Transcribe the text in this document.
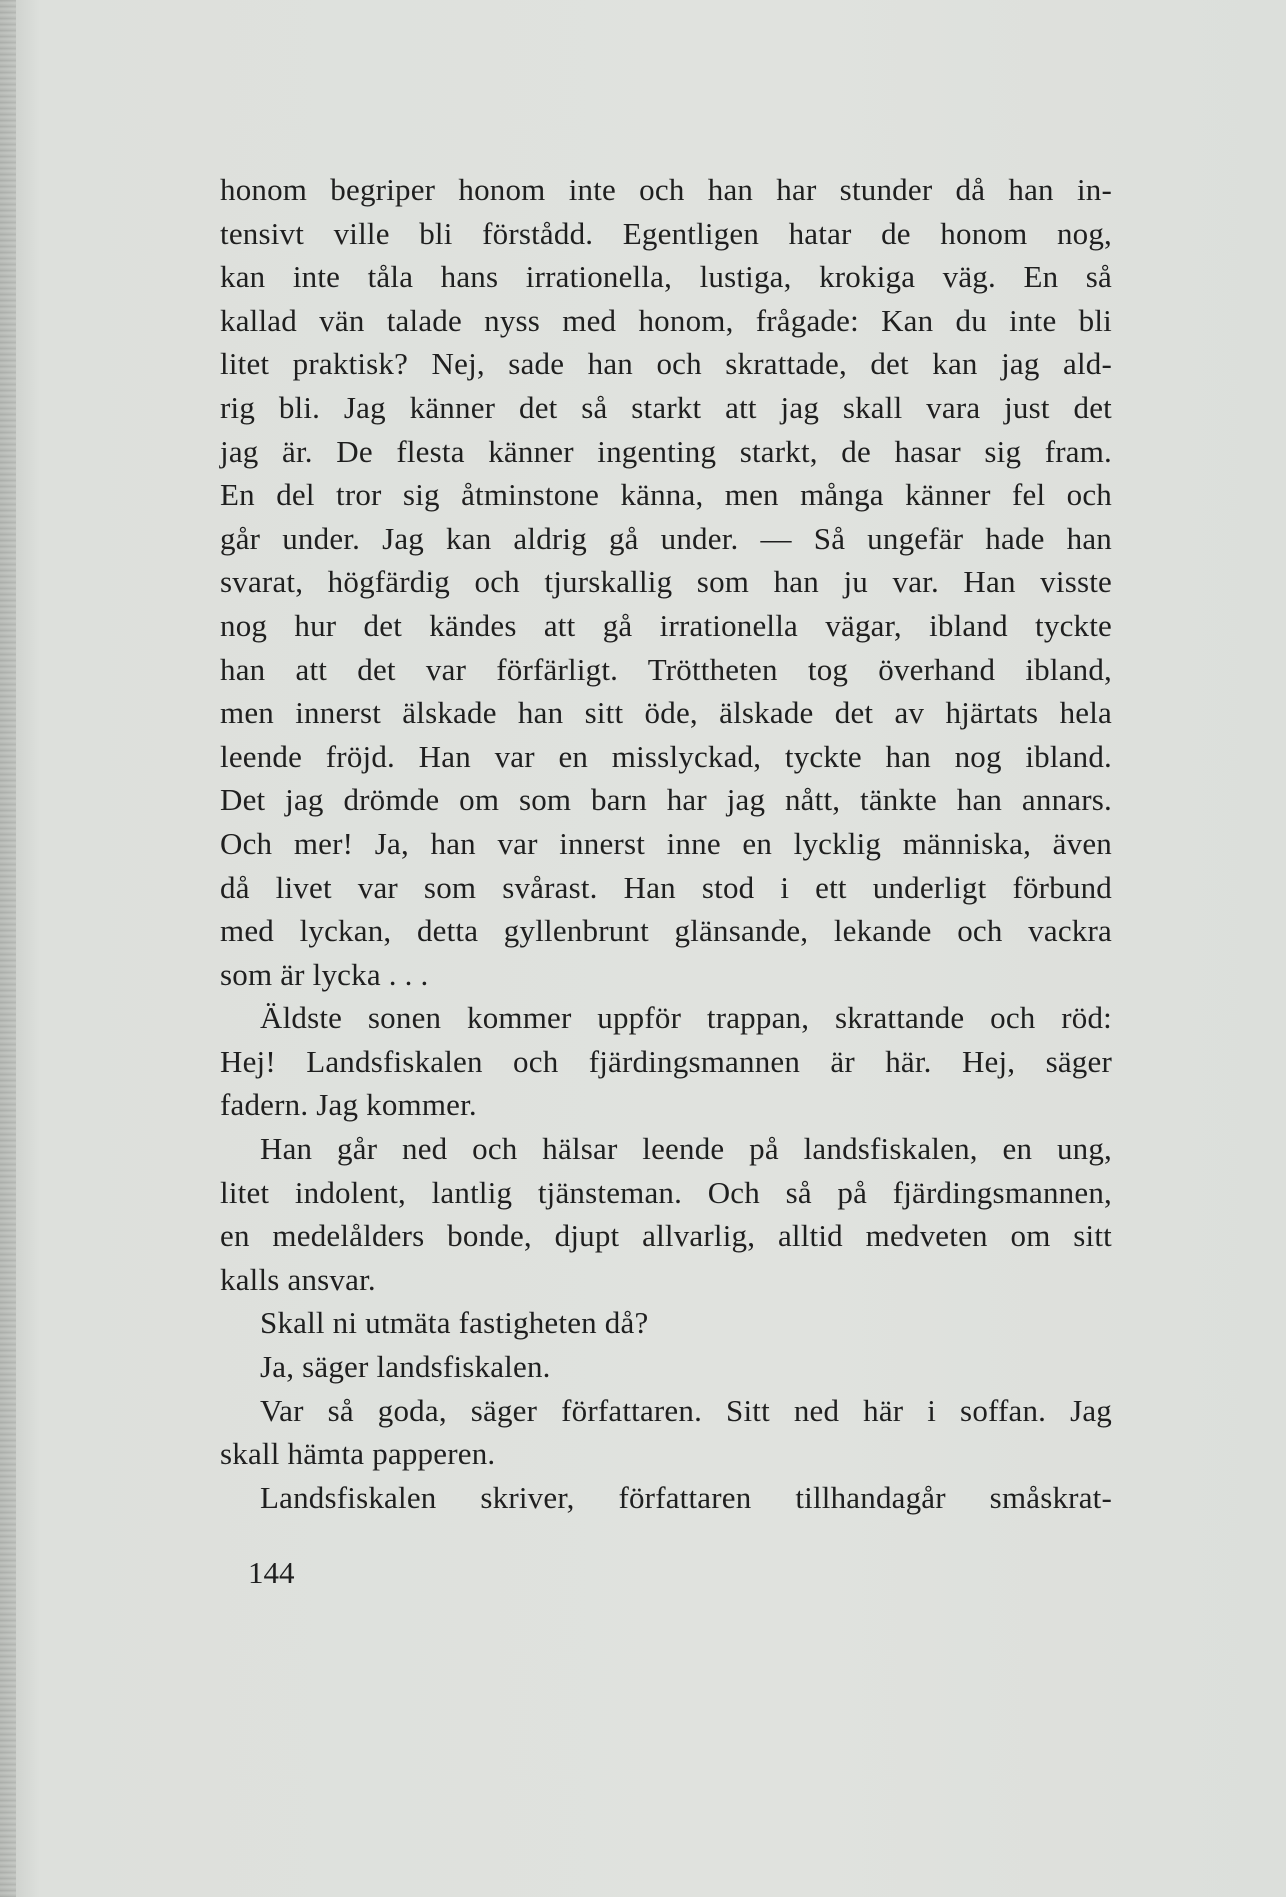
honom begriper honom inte och han har stunder då han in-
tensivt ville bli förstådd. Egentligen hatar de honom nog,
kan inte tåla hans irrationella, lustiga, krokiga väg. En så
kallad vän talade nyss med honom, frågade: Kan du inte bli
litet praktisk? Nej, sade han och skrattade, det kan jag ald-
rig bli. Jag känner det så starkt att jag skall vara just det
jag är. De flesta känner ingenting starkt, de hasar sig fram.
En del tror sig åtminstone känna, men många känner fel och
går under. Jag kan aldrig gå under. — Så ungefär hade han
svarat, högfärdig och tjurskallig som han ju var. Han visste
nog hur det kändes att gå irrationella vägar, ibland tyckte
han att det var förfärligt. Tröttheten tog överhand ibland,
men innerst älskade han sitt öde, älskade det av hjärtats hela
leende fröjd. Han var en misslyckad, tyckte han nog ibland.
Det jag drömde om som barn har jag nått, tänkte han annars.
Och mer! Ja, han var innerst inne en lycklig människa, även
då livet var som svårast. Han stod i ett underligt förbund
med lyckan, detta gyllenbrunt glänsande, lekande och vackra
som är lycka . . .
Äldste sonen kommer uppför trappan, skrattande och röd:
Hej! Landsfiskalen och fjärdingsmannen är här. Hej, säger
fadern. Jag kommer.
Han går ned och hälsar leende på landsfiskalen, en ung,
litet indolent, lantlig tjänsteman. Och så på fjärdingsmannen,
en medelålders bonde, djupt allvarlig, alltid medveten om sitt
kalls ansvar.
Skall ni utmäta fastigheten då?
Ja, säger landsfiskalen.
Var så goda, säger författaren. Sitt ned här i soffan. Jag
skall hämta papperen.
Landsfiskalen skriver, författaren tillhandagår småskrat-
144
